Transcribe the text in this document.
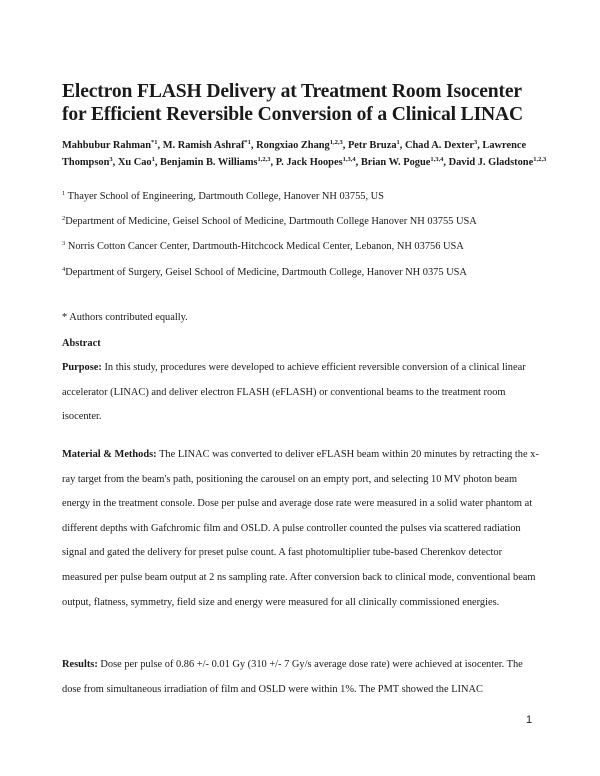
Electron FLASH Delivery at Treatment Room Isocenter for Efficient Reversible Conversion of a Clinical LINAC
Mahbubur Rahman$^{*1}$, M. Ramish Ashraf$^{*1}$, Rongxiao Zhang$^{1,2,3}$, Petr Bruza$^1$, Chad A. Dexter$^3$, Lawrence Thompson$^3$, Xu Cao$^1$, Benjamin B. Williams$^{1,2,3}$, P. Jack Hoopes$^{1,3,4}$, Brian W. Pogue$^{1,3,4}$, David J. Gladstone$^{1,2,3}$
$^1$ Thayer School of Engineering, Dartmouth College, Hanover NH 03755, US
$^2$Department of Medicine, Geisel School of Medicine, Dartmouth College Hanover NH 03755 USA
$^3$ Norris Cotton Cancer Center, Dartmouth-Hitchcock Medical Center, Lebanon, NH 03756 USA
$^4$Department of Surgery, Geisel School of Medicine, Dartmouth College, Hanover NH 0375 USA
* Authors contributed equally.
Abstract

Purpose: In this study, procedures were developed to achieve efficient reversible conversion of a clinical linear accelerator (LINAC) and deliver electron FLASH (eFLASH) or conventional beams to the treatment room isocenter.

Material & Methods: The LINAC was converted to deliver eFLASH beam within 20 minutes by retracting the x-ray target from the beam's path, positioning the carousel on an empty port, and selecting 10 MV photon beam energy in the treatment console. Dose per pulse and average dose rate were measured in a solid water phantom at different depths with Gafchromic film and OSLD. A pulse controller counted the pulses via scattered radiation signal and gated the delivery for preset pulse count. A fast photomultiplier tube-based Cherenkov detector measured per pulse beam output at 2 ns sampling rate. After conversion back to clinical mode, conventional beam output, flatness, symmetry, field size and energy were measured for all clinically commissioned energies.

Results: Dose per pulse of 0.86 +/- 0.01 Gy (310 +/- 7 Gy/s average dose rate) were achieved at isocenter. The dose from simultaneous irradiation of film and OSLD were within 1%. The PMT showed the LINAC

1
